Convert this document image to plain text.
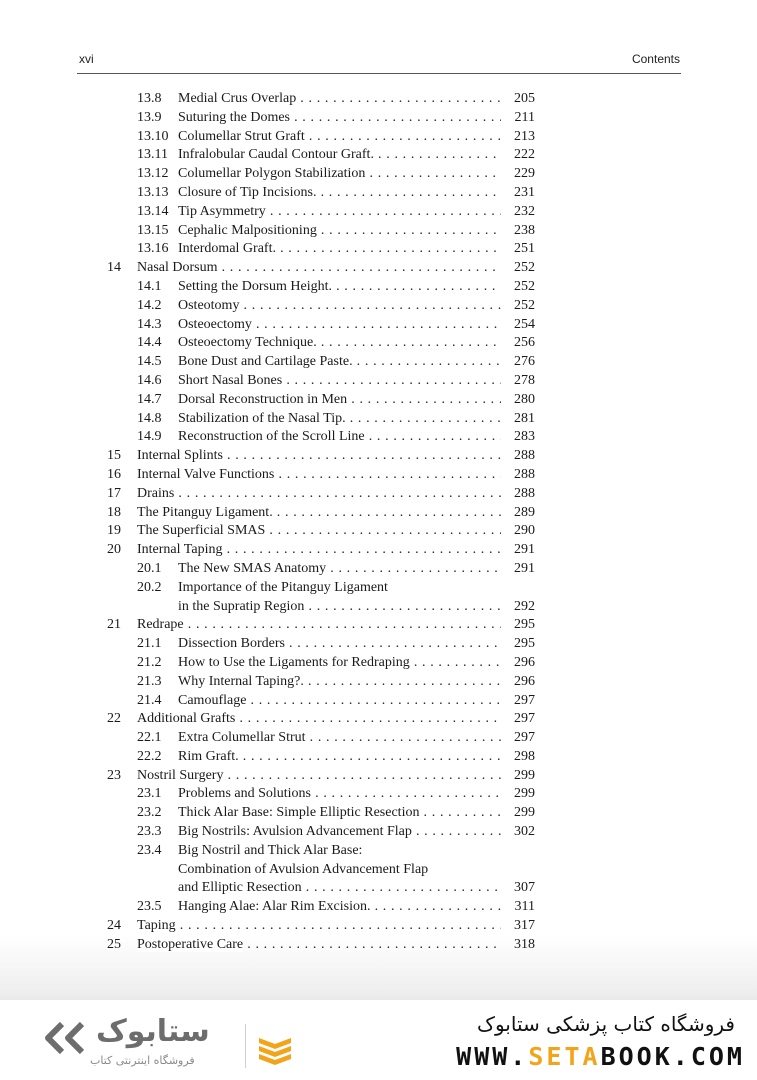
xvi	Contents
13.8 Medial Crus Overlap . . .	205
13.9 Suturing the Domes . . .	211
13.10 Columellar Strut Graft . . .	213
13.11 Infralobular Caudal Contour Graft. . . .	222
13.12 Columellar Polygon Stabilization . . .	229
13.13 Closure of Tip Incisions. . . .	231
13.14 Tip Asymmetry . . .	232
13.15 Cephalic Malpositioning . . .	238
13.16 Interdomal Graft. . . .	251
14 Nasal Dorsum . . .	252
14.1 Setting the Dorsum Height. . . .	252
14.2 Osteotomy . . .	252
14.3 Osteoectomy . . .	254
14.4 Osteoectomy Technique. . . .	256
14.5 Bone Dust and Cartilage Paste. . . .	276
14.6 Short Nasal Bones . . .	278
14.7 Dorsal Reconstruction in Men . . .	280
14.8 Stabilization of the Nasal Tip. . . .	281
14.9 Reconstruction of the Scroll Line . . .	283
15 Internal Splints . . .	288
16 Internal Valve Functions . . .	288
17 Drains . . .	288
18 The Pitanguy Ligament. . . .	289
19 The Superficial SMAS . . .	290
20 Internal Taping . . .	291
20.1 The New SMAS Anatomy . . .	291
20.2 Importance of the Pitanguy Ligament
in the Supratip Region . . .	292
21 Redrape . . .	295
21.1 Dissection Borders . . .	295
21.2 How to Use the Ligaments for Redraping . . .	296
21.3 Why Internal Taping?. . . .	296
21.4 Camouflage . . .	297
22 Additional Grafts . . .	297
22.1 Extra Columellar Strut . . .	297
22.2 Rim Graft. . . .	298
23 Nostril Surgery . . .	299
23.1 Problems and Solutions . . .	299
23.2 Thick Alar Base: Simple Elliptic Resection . . .	299
23.3 Big Nostrils: Avulsion Advancement Flap . . .	302
23.4 Big Nostril and Thick Alar Base:
Combination of Avulsion Advancement Flap
and Elliptic Resection . . .	307
23.5 Hanging Alae: Alar Rim Excision. . . .	311
24 Taping . . .	317
25 Postoperative Care . . .	318
ستابوک
فروشگاه اینترنتی کتاب
فروشگاه کتاب پزشکی ستابوک
WWW.SETABOOK.COM
